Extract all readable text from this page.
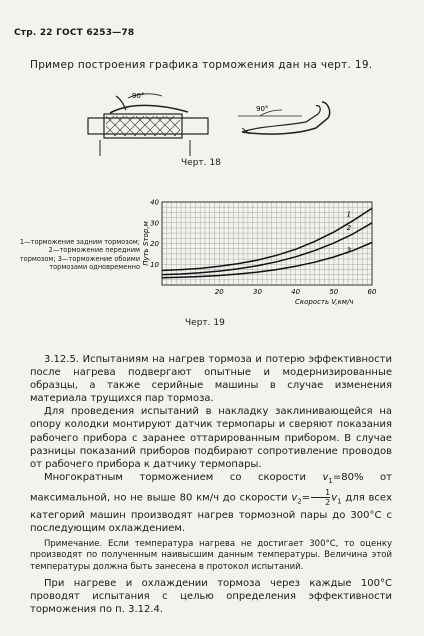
Стр. 22 ГОСТ 6253—78
Пример построения графика торможения дан на черт. 19.
90°
90°
Черт. 18
1—торможение задним тормозом; 2—торможение передним тормозом; 3—торможение обоими тормозами одновременно 10
20
30
40
20	30	40	50	60
Путь Sтор,м
Скорость V,км/ч
1
2
3
Черт. 19

3.12.5. Испытаниям на нагрев тормоза и потерю эффективности после нагрева подвергают опытные и модернизированные образцы, а также серийные машины в случае изменения материала трущихся пар тормоза.

Для проведения испытаний в накладку заклинивающейся на опору колодки монтируют датчик термопары и сверяют показания рабочего прибора с заранее оттарированным прибором. В случае разницы показаний приборов подбирают сопротивление проводов от рабочего прибора к датчику термопары.

Многократным торможением со скорости $v_1=80\%$ от максимальной, но не выше 80 км/ч до скорости $v_2= \frac{1}{2} v_1$ для всех категорий машин производят нагрев тормозной пары до 300°С с последующим охлаждением.

Примечание. Если температура нагрева не достигает 300°С, то оценку производят по полученным наивысшим данным температуры. Величина этой температуры должна быть занесена в протокол испытаний.

При нагреве и охлаждении тормоза через каждые 100°С проводят испытания с целью определения эффективности торможения по п. 3.12.4.
